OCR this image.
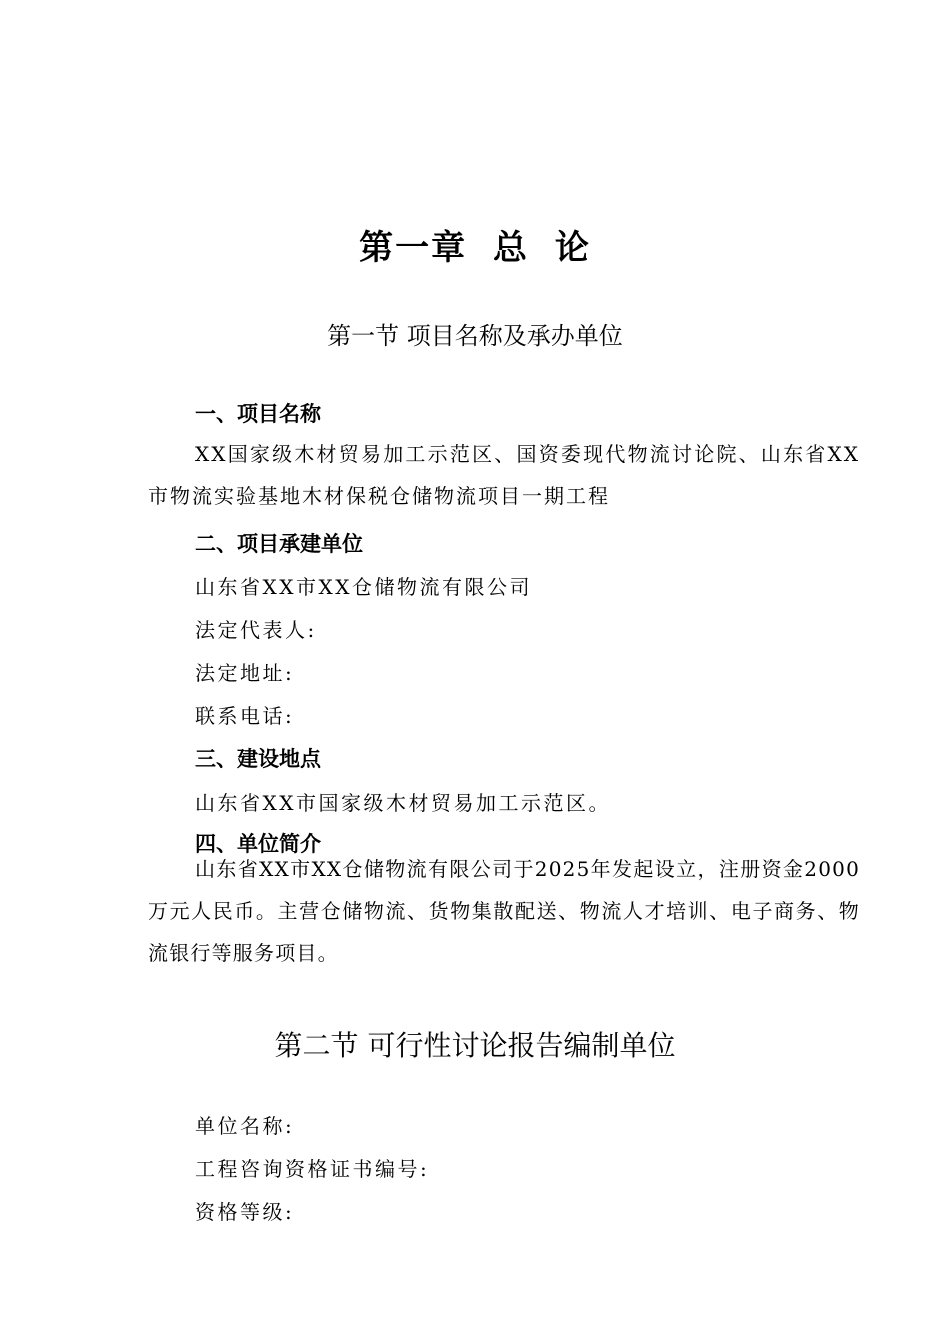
第一章 总 论
第一节 项目名称及承办单位
一、项目名称
XX国家级木材贸易加工示范区、国资委现代物流讨论院、山东省XX市物流实验基地木材保税仓储物流项目一期工程
二、项目承建单位
山东省XX市XX仓储物流有限公司
法定代表人:
法定地址:
联系电话:
三、建设地点
山东省XX市国家级木材贸易加工示范区。
四、单位简介
山东省XX市XX仓储物流有限公司于2025年发起设立，注册资金2000万元人民币。主营仓储物流、货物集散配送、物流人才培训、电子商务、物流银行等服务项目。
第二节 可行性讨论报告编制单位
单位名称:
工程咨询资格证书编号:
资格等级:
